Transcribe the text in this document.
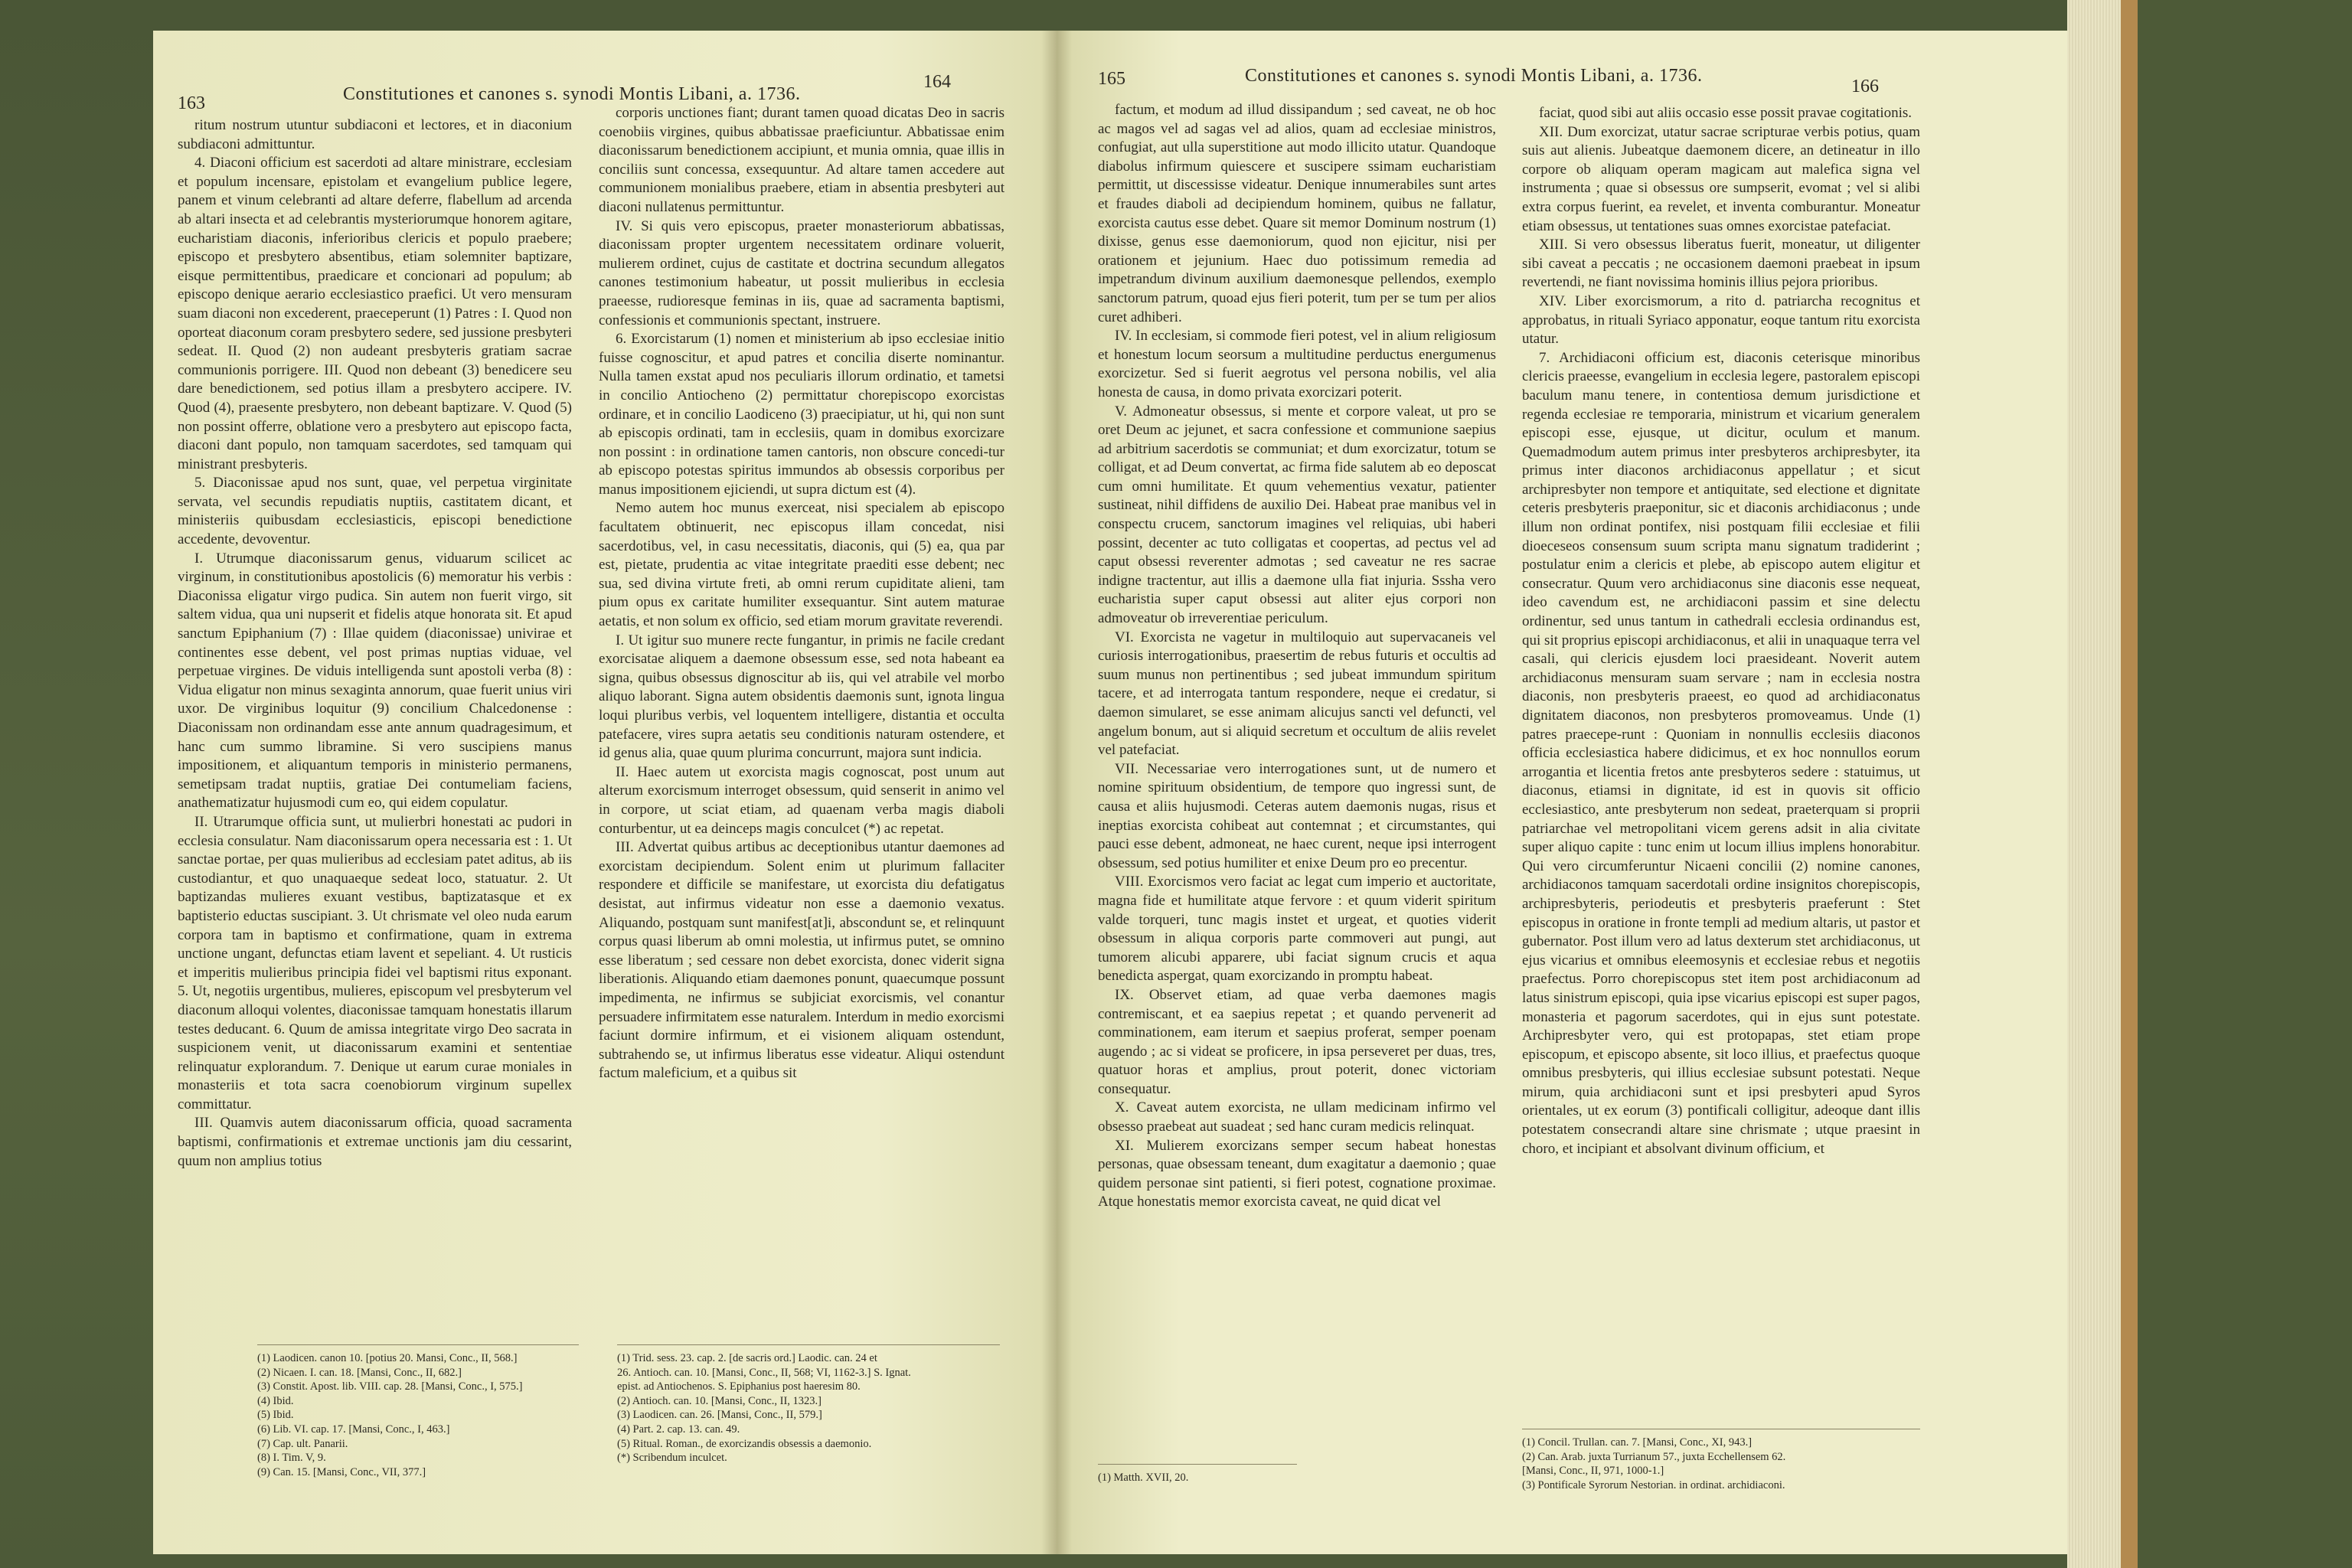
163	Constitutiones et canones s. synodi Montis Libani, a. 1736.
164

ritum nostrum utuntur subdiaconi et lectores, et in diaconium subdiaconi admittuntur.

4. Diaconi officium est sacerdoti ad altare ministrare, ecclesiam et populum incensare, epistolam et evangelium publice legere, panem et vinum celebranti ad altare deferre, flabellum ad arcenda ab altari insecta et ad celebrantis mysteriorumque honorem agitare, eucharistiam diaconis, inferioribus clericis et populo praebere; episcopo et presbytero absentibus, etiam solemniter baptizare, eisque permittentibus, praedicare et concionari ad populum; ab episcopo denique aerario ecclesiastico praefici. Ut vero mensuram suam diaconi non excederent, praeceperunt (1) Patres : I. Quod non oporteat diaconum coram presbytero sedere, sed jussione presbyteri sedeat. II. Quod (2) non audeant presbyteris gratiam sacrae communionis porrigere. III. Quod non debeant (3) benedicere seu dare benedictionem, sed potius illam a presbytero accipere. IV. Quod (4), praesente presbytero, non debeant baptizare. V. Quod (5) non possint offerre, oblatione vero a presbytero aut episcopo facta, diaconi dant populo, non tamquam sacerdotes, sed tamquam qui ministrant presbyteris.

5. Diaconissae apud nos sunt, quae, vel perpetua virginitate servata, vel secundis repudiatis nuptiis, castitatem dicant, et ministeriis quibusdam ecclesiasticis, episcopi benedictione accedente, devoventur.

I. Utrumque diaconissarum genus, viduarum scilicet ac virginum, in constitutionibus apostolicis (6) memoratur his verbis : Diaconissa eligatur virgo pudica. Sin autem non fuerit virgo, sit saltem vidua, qua uni nupserit et fidelis atque honorata sit. Et apud sanctum Epiphanium (7) : Illae quidem (diaconissae) univirae et continentes esse debent, vel post primas nuptias viduae, vel perpetuae virgines. De viduis intelligenda sunt apostoli verba (8) : Vidua eligatur non minus sexaginta annorum, quae fuerit unius viri uxor. De virginibus loquitur (9) concilium Chalcedonense : Diaconissam non ordinandam esse ante annum quadragesimum, et hanc cum summo libramine. Si vero suscipiens manus impositionem, et aliquantum temporis in ministerio permanens, semetipsam tradat nuptiis, gratiae Dei contumeliam faciens, anathematizatur hujusmodi cum eo, qui eidem copulatur.

II. Utrarumque officia sunt, ut mulierbri honestati ac pudori in ecclesia consulatur. Nam diaconissarum opera necessaria est : 1. Ut sanctae portae, per quas mulieribus ad ecclesiam patet aditus, ab iis custodiantur, et quo unaquaeque sedeat loco, statuatur. 2. Ut baptizandas mulieres exuant vestibus, baptizatasque et ex baptisterio eductas suscipiant. 3. Ut chrismate vel oleo nuda earum corpora tam in baptismo et confirmatione, quam in extrema unctione ungant, defunctas etiam lavent et sepeliant. 4. Ut rusticis et imperitis mulieribus principia fidei vel baptismi ritus exponant. 5. Ut, negotiis urgentibus, mulieres, episcopum vel presbyterum vel diaconum alloqui volentes, diaconissae tamquam honestatis illarum testes deducant. 6. Quum de amissa integritate virgo Deo sacrata in suspicionem venit, ut diaconissarum examini et sententiae relinquatur explorandum. 7. Denique ut earum curae moniales in monasteriis et tota sacra coenobiorum virginum supellex committatur.

III. Quamvis autem diaconissarum officia, quoad sacramenta baptismi, confirmationis et extremae unctionis jam diu cessarint, quum non amplius totius

corporis unctiones fiant; durant tamen quoad dicatas Deo in sacris coenobiis virgines, quibus abbatissae praeficiuntur. Abbatissae enim diaconissarum benedictionem accipiunt, et munia omnia, quae illis in conciliis sunt concessa, exsequuntur. Ad altare tamen accedere aut communionem monialibus praebere, etiam in absentia presbyteri aut diaconi nullatenus permittuntur.

IV. Si quis vero episcopus, praeter monasteriorum abbatissas, diaconissam propter urgentem necessitatem ordinare voluerit, mulierem ordinet, cujus de castitate et doctrina secundum allegatos canones testimonium habeatur, ut possit mulieribus in ecclesia praeesse, rudioresque feminas in iis, quae ad sacramenta baptismi, confessionis et communionis spectant, instruere.

6. Exorcistarum (1) nomen et ministerium ab ipso ecclesiae initio fuisse cognoscitur, et apud patres et concilia diserte nominantur. Nulla tamen exstat apud nos peculiaris illorum ordinatio, et tametsi in concilio Antiocheno (2) permittatur chorepiscopo exorcistas ordinare, et in concilio Laodiceno (3) praecipiatur, ut hi, qui non sunt ab episcopis ordinati, tam in ecclesiis, quam in domibus exorcizare non possint : in ordinatione tamen cantoris, non obscure concedi-tur ab episcopo potestas spiritus immundos ab obsessis corporibus per manus impositionem ejiciendi, ut supra dictum est (4).

Nemo autem hoc munus exerceat, nisi specialem ab episcopo facultatem obtinuerit, nec episcopus illam concedat, nisi sacerdotibus, vel, in casu necessitatis, diaconis, qui (5) ea, qua par est, pietate, prudentia ac vitae integritate praediti esse debent; nec sua, sed divina virtute freti, ab omni rerum cupiditate alieni, tam pium opus ex caritate humiliter exsequantur. Sint autem maturae aetatis, et non solum ex officio, sed etiam morum gravitate reverendi.

I. Ut igitur suo munere recte fungantur, in primis ne facile credant exorcisatae aliquem a daemone obsessum esse, sed nota habeant ea signa, quibus obsessus dignoscitur ab iis, qui vel atrabile vel morbo aliquo laborant. Signa autem obsidentis daemonis sunt, ignota lingua loqui pluribus verbis, vel loquentem intelligere, distantia et occulta patefacere, vires supra aetatis seu conditionis naturam ostendere, et id genus alia, quae quum plurima concurrunt, majora sunt indicia.

II. Haec autem ut exorcista magis cognoscat, post unum aut alterum exorcismum interroget obsessum, quid senserit in animo vel in corpore, ut sciat etiam, ad quaenam verba magis diaboli conturbentur, ut ea deinceps magis conculcet (*) ac repetat.

III. Advertat quibus artibus ac deceptionibus utantur daemones ad exorcistam decipiendum. Solent enim ut plurimum fallaciter respondere et difficile se manifestare, ut exorcista diu defatigatus desistat, aut infirmus videatur non esse a daemonio vexatus. Aliquando, postquam sunt manifest[at]i, abscondunt se, et relinquunt corpus quasi liberum ab omni molestia, ut infirmus putet, se omnino esse liberatum ; sed cessare non debet exorcista, donec viderit signa liberationis. Aliquando etiam daemones ponunt, quaecumque possunt impedimenta, ne infirmus se subjiciat exorcismis, vel conantur persuadere infirmitatem esse naturalem. Interdum in medio exorcismi faciunt dormire infirmum, et ei visionem aliquam ostendunt, subtrahendo se, ut infirmus liberatus esse videatur. Aliqui ostendunt factum maleficium, et a quibus sit

(1) Laodicen. canon 10. [potius 20. Mansi, Conc., II, 568.]
(2) Nicaen. I. can. 18. [Mansi, Conc., II, 682.]
(3) Constit. Apost. lib. VIII. cap. 28. [Mansi, Conc., I, 575.]
(4) Ibid.
(5) Ibid.
(6) Lib. VI. cap. 17. [Mansi, Conc., I, 463.]
(7) Cap. ult. Panarii.
(8) I. Tim. V, 9.
(9) Can. 15. [Mansi, Conc., VII, 377.]
(1) Trid. sess. 23. cap. 2. [de sacris ord.] Laodic. can. 24 et
26. Antioch. can. 10. [Mansi, Conc., II, 568; VI, 1162-3.] S. Ignat.
epist. ad Antiochenos. S. Epiphanius post haeresim 80.
(2) Antioch. can. 10. [Mansi, Conc., II, 1323.]
(3) Laodicen. can. 26. [Mansi, Conc., II, 579.]
(4) Part. 2. cap. 13. can. 49.
(5) Ritual. Roman., de exorcizandis obsessis a daemonio.
(*) Scribendum inculcet.
165	Constitutiones et canones s. synodi Montis Libani, a. 1736.
166

factum, et modum ad illud dissipandum ; sed caveat, ne ob hoc ac magos vel ad sagas vel ad alios, quam ad ecclesiae ministros, confugiat, aut ulla superstitione aut modo illicito utatur. Quandoque diabolus infirmum quiescere et suscipere ssimam eucharistiam permittit, ut discessisse videatur. Denique innumerabiles sunt artes et fraudes diaboli ad decipiendum hominem, quibus ne fallatur, exorcista cautus esse debet. Quare sit memor Dominum nostrum (1) dixisse, genus esse daemoniorum, quod non ejicitur, nisi per orationem et jejunium. Haec duo potissimum remedia ad impetrandum divinum auxilium daemonesque pellendos, exemplo sanctorum patrum, quoad ejus fieri poterit, tum per se tum per alios curet adhiberi.

IV. In ecclesiam, si commode fieri potest, vel in alium religiosum et honestum locum seorsum a multitudine perductus energumenus exorcizetur. Sed si fuerit aegrotus vel persona nobilis, vel alia honesta de causa, in domo privata exorcizari poterit.

V. Admoneatur obsessus, si mente et corpore valeat, ut pro se oret Deum ac jejunet, et sacra confessione et communione saepius ad arbitrium sacerdotis se communiat; et dum exorcizatur, totum se colligat, et ad Deum convertat, ac firma fide salutem ab eo deposcat cum omni humilitate. Et quum vehementius vexatur, patienter sustineat, nihil diffidens de auxilio Dei. Habeat prae manibus vel in conspectu crucem, sanctorum imagines vel reliquias, ubi haberi possint, decenter ac tuto colligatas et coopertas, ad pectus vel ad caput obsessi reverenter admotas ; sed caveatur ne res sacrae indigne tractentur, aut illis a daemone ulla fiat injuria. Sssha vero eucharistia super caput obsessi aut aliter ejus corpori non admoveatur ob irreverentiae periculum.

VI. Exorcista ne vagetur in multiloquio aut supervacaneis vel curiosis interrogationibus, praesertim de rebus futuris et occultis ad suum munus non pertinentibus ; sed jubeat immundum spiritum tacere, et ad interrogata tantum respondere, neque ei credatur, si daemon simularet, se esse animam alicujus sancti vel defuncti, vel angelum bonum, aut si aliquid secretum et occultum de aliis revelet vel patefaciat.

VII. Necessariae vero interrogationes sunt, ut de numero et nomine spirituum obsidentium, de tempore quo ingressi sunt, de causa et aliis hujusmodi. Ceteras autem daemonis nugas, risus et ineptias exorcista cohibeat aut contemnat ; et circumstantes, qui pauci esse debent, admoneat, ne haec curent, neque ipsi interrogent obsessum, sed potius humiliter et enixe Deum pro eo precentur.

VIII. Exorcismos vero faciat ac legat cum imperio et auctoritate, magna fide et humilitate atque fervore : et quum viderit spiritum valde torqueri, tunc magis instet et urgeat, et quoties viderit obsessum in aliqua corporis parte commoveri aut pungi, aut tumorem alicubi apparere, ubi faciat signum crucis et aqua benedicta aspergat, quam exorcizando in promptu habeat.

IX. Observet etiam, ad quae verba daemones magis contremiscant, et ea saepius repetat ; et quando pervenerit ad comminationem, eam iterum et saepius proferat, semper poenam augendo ; ac si videat se proficere, in ipsa perseveret per duas, tres, quatuor horas et amplius, prout poterit, donec victoriam consequatur.

X. Caveat autem exorcista, ne ullam medicinam infirmo vel obsesso praebeat aut suadeat ; sed hanc curam medicis relinquat.

XI. Mulierem exorcizans semper secum habeat honestas personas, quae obsessam teneant, dum exagitatur a daemonio ; quae quidem personae sint patienti, si fieri potest, cognatione proximae. Atque honestatis memor exorcista caveat, ne quid dicat vel

faciat, quod sibi aut aliis occasio esse possit pravae cogitationis.

XII. Dum exorcizat, utatur sacrae scripturae verbis potius, quam suis aut alienis. Jubeatque daemonem dicere, an detineatur in illo corpore ob aliquam operam magicam aut malefica signa vel instrumenta ; quae si obsessus ore sumpserit, evomat ; vel si alibi extra corpus fuerint, ea revelet, et inventa comburantur. Moneatur etiam obsessus, ut tentationes suas omnes exorcistae patefaciat.

XIII. Si vero obsessus liberatus fuerit, moneatur, ut diligenter sibi caveat a peccatis ; ne occasionem daemoni praebeat in ipsum revertendi, ne fiant novissima hominis illius pejora prioribus.

XIV. Liber exorcismorum, a rito d. patriarcha recognitus et approbatus, in rituali Syriaco apponatur, eoque tantum ritu exorcista utatur.

7. Archidiaconi officium est, diaconis ceterisque minoribus clericis praeesse, evangelium in ecclesia legere, pastoralem episcopi baculum manu tenere, in contentiosa demum jurisdictione et regenda ecclesiae re temporaria, ministrum et vicarium generalem episcopi esse, ejusque, ut dicitur, oculum et manum. Quemadmodum autem primus inter presbyteros archipresbyter, ita primus inter diaconos archidiaconus appellatur ; et sicut archipresbyter non tempore et antiquitate, sed electione et dignitate ceteris presbyteris praeponitur, sic et diaconis archidiaconus ; unde illum non ordinat pontifex, nisi postquam filii ecclesiae et filii dioeceseos consensum suum scripta manu signatum tradiderint ; postulatur enim a clericis et plebe, ab episcopo autem eligitur et consecratur. Quum vero archidiaconus sine diaconis esse nequeat, ideo cavendum est, ne archidiaconi passim et sine delectu ordinentur, sed unus tantum in cathedrali ecclesia ordinandus est, qui sit proprius episcopi archidiaconus, et alii in unaquaque terra vel casali, qui clericis ejusdem loci praesideant. Noverit autem archidiaconus mensuram suam servare ; nam in ecclesia nostra diaconis, non presbyteris praeest, eo quod ad archidiaconatus dignitatem diaconos, non presbyteros promoveamus. Unde (1) patres praecepe-runt : Quoniam in nonnullis ecclesiis diaconos officia ecclesiastica habere didicimus, et ex hoc nonnullos eorum arrogantia et licentia fretos ante presbyteros sedere : statuimus, ut diaconus, etiamsi in dignitate, id est in quovis sit officio ecclesiastico, ante presbyterum non sedeat, praeterquam si proprii patriarchae vel metropolitani vicem gerens adsit in alia civitate super aliquo capite : tunc enim ut locum illius implens honorabitur. Qui vero circumferuntur Nicaeni concilii (2) nomine canones, archidiaconos tamquam sacerdotali ordine insignitos chorepiscopis, archipresbyteris, periodeutis et presbyteris praeferunt : Stet episcopus in oratione in fronte templi ad medium altaris, ut pastor et gubernator. Post illum vero ad latus dexterum stet archidiaconus, ut ejus vicarius et omnibus eleemosynis et ecclesiae rebus et negotiis praefectus. Porro chorepiscopus stet item post archidiaconum ad latus sinistrum episcopi, quia ipse vicarius episcopi est super pagos, monasteria et pagorum sacerdotes, qui in ejus sunt potestate. Archipresbyter vero, qui est protopapas, stet etiam prope episcopum, et episcopo absente, sit loco illius, et praefectus quoque omnibus presbyteris, qui illius ecclesiae subsunt potestati. Neque mirum, quia archidiaconi sunt et ipsi presbyteri apud Syros orientales, ut ex eorum (3) pontificali colligitur, adeoque dant illis potestatem consecrandi altare sine chrismate ; utque praesint in choro, et incipiant et absolvant divinum officium, et

(1) Matth. XVII, 20.
(1) Concil. Trullan. can. 7. [Mansi, Conc., XI, 943.]
(2) Can. Arab. juxta Turrianum 57., juxta Ecchellensem 62.
[Mansi, Conc., II, 971, 1000-1.]
(3) Pontificale Syrorum Nestorian. in ordinat. archidiaconi.
